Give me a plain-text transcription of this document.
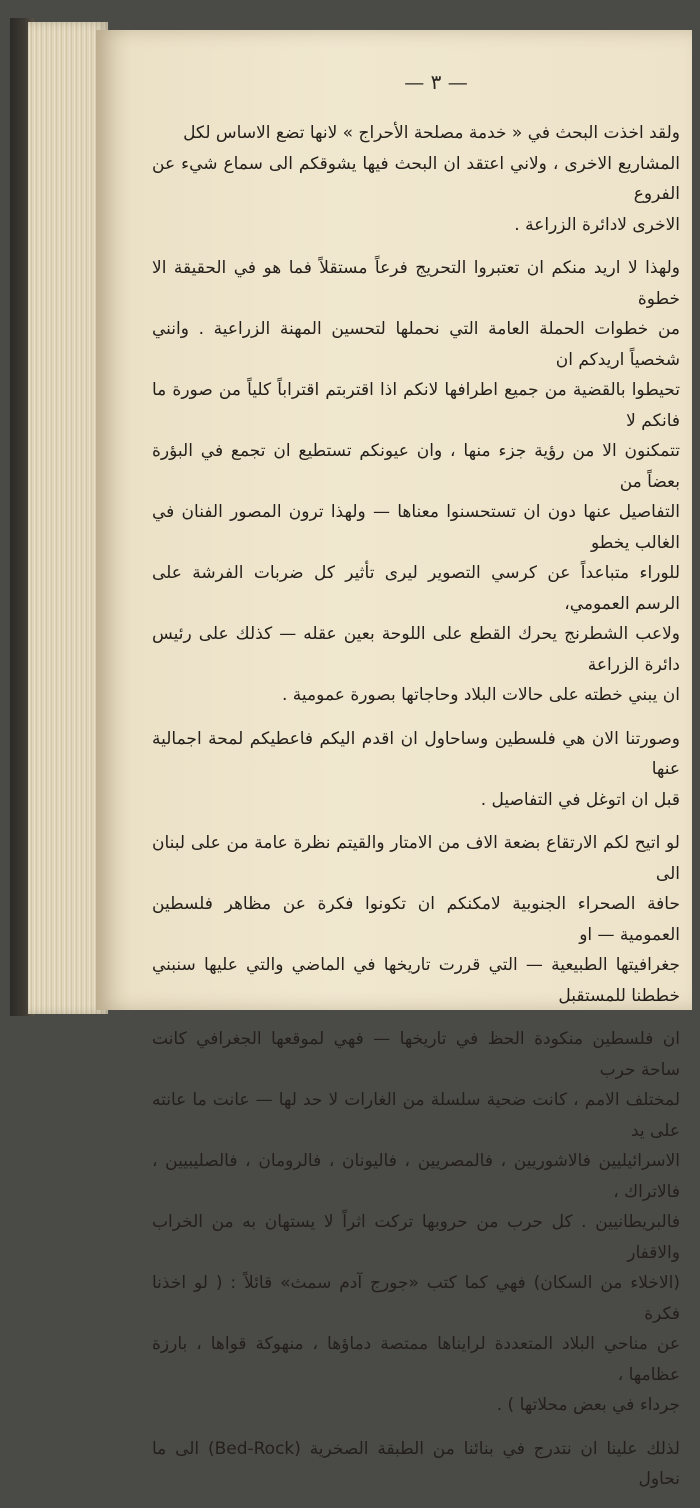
— ٣ —
ولقد اخذت البحث في « خدمة مصلحة الأحراج » لانها تضع الاساس لكل
المشاريع الاخرى ، ولاني اعتقد ان البحث فيها يشوقكم الى سماع شيء عن الفروع
الاخرى لادائرة الزراعة .
ولهذا لا اريد منكم ان تعتبروا التحريج فرعاً مستقلاً فما هو في الحقيقة الا خطوة
من خطوات الحملة العامة التي نحملها لتحسين المهنة الزراعية . وانني شخصياً اريدكم ان
تحيطوا بالقضية من جميع اطرافها لانكم اذا اقتربتم اقتراباً كلياً من صورة ما فانكم لا
تتمكنون الا من رؤية جزء منها ، وان عيونكم تستطيع ان تجمع في البؤرة بعضاً من
التفاصيل عنها دون ان تستحسنوا معناها — ولهذا ترون المصور الفنان في الغالب يخطو
للوراء متباعداً عن كرسي التصوير ليرى تأثير كل ضربات الفرشة على الرسم العمومي،
ولاعب الشطرنج يحرك القطع على اللوحة بعين عقله — كذلك على رئيس دائرة الزراعة
ان يبني خطته على حالات البلاد وحاجاتها بصورة عمومية .
وصورتنا الان هي فلسطين وساحاول ان اقدم اليكم فاعطيكم لمحة اجمالية عنها
قبل ان اتوغل في التفاصيل .
لو اتيح لكم الارتقاع بضعة الاف من الامتار والقيتم نظرة عامة من على لبنان الى
حافة الصحراء الجنوبية لامكنكم ان تكونوا فكرة عن مظاهر فلسطين العمومية — او
جغرافيتها الطبيعية — التي قررت تاريخها في الماضي والتي عليها سنبني خططنا للمستقبل
ان فلسطين منكودة الحظ في تاريخها — فهي لموقعها الجغرافي كانت ساحة حرب
لمختلف الامم ، كانت ضحية سلسلة من الغارات لا حد لها — عانت ما عانته على يد
الاسرائيليين فالاشوريين ، فالمصريين ، فاليونان ، فالرومان ، فالصليبيين ، فالاتراك ،
فالبريطانيين . كل حرب من حروبها تركت اثراً لا يستهان به من الخراب والاقفار
(الاخلاء من السكان) فهي كما كتب «جورج آدم سمث» قائلاً : ( لو اخذنا فكرة
عن مناحي البلاد المتعددة لرايناها ممتصة دماؤها ، منهوكة قواها ، بارزة عظامها ،
جرداء في بعض محلاتها ) .
لذلك علينا ان نتدرج في بنائنا من الطبقة الصخرية (Bed-Rock) الى ما نحاول
